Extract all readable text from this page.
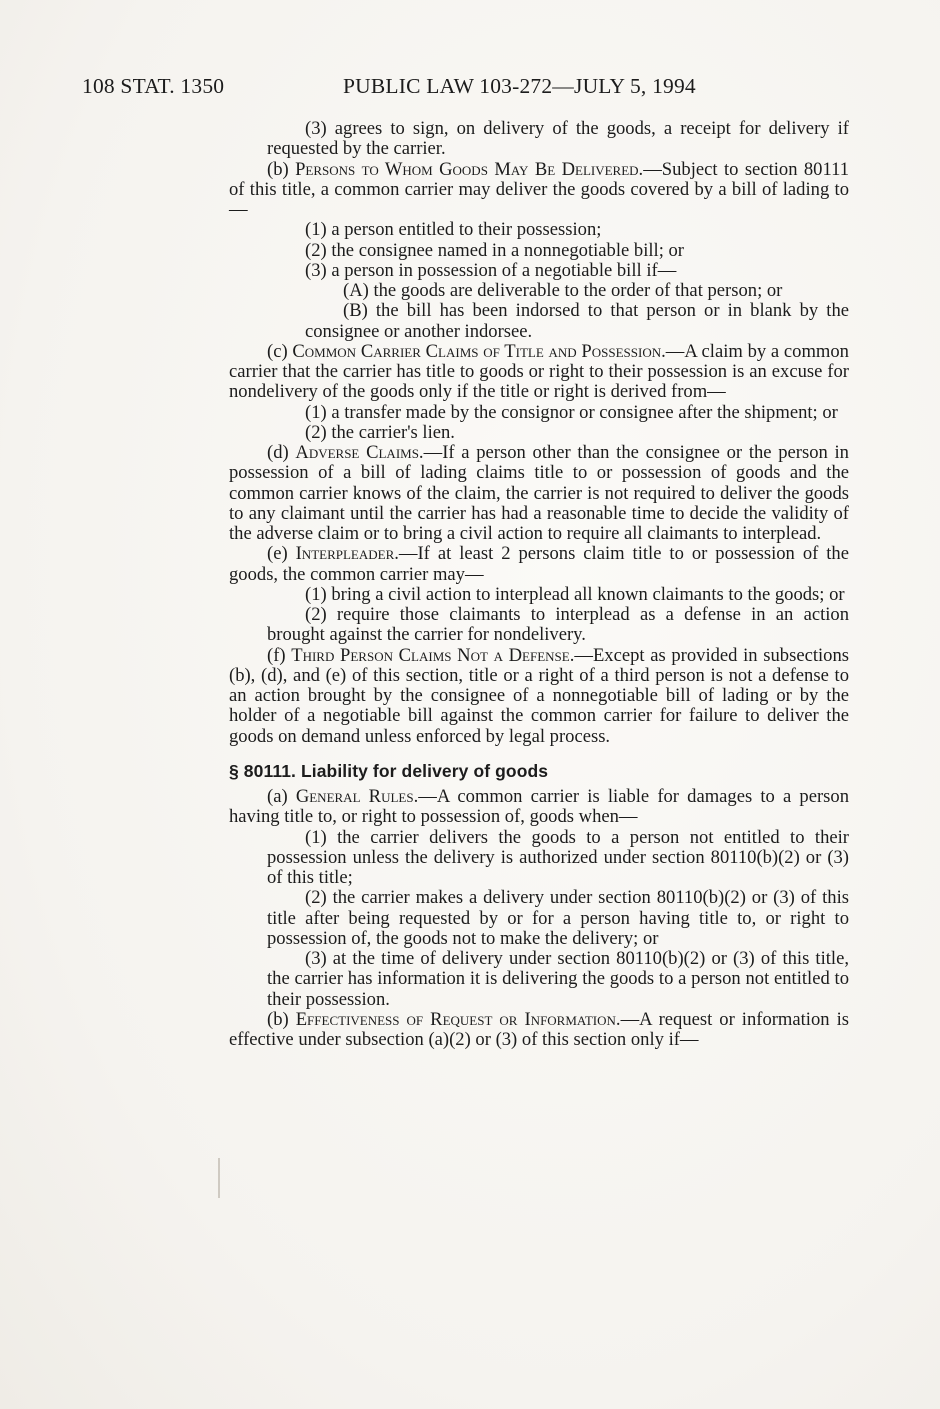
108 STAT. 1350	PUBLIC LAW 103-272—JULY 5, 1994

(3) agrees to sign, on delivery of the goods, a receipt for delivery if requested by the carrier.

(b) Persons to Whom Goods May Be Delivered.—Subject to section 80111 of this title, a common carrier may deliver the goods covered by a bill of lading to—

(1) a person entitled to their possession;

(2) the consignee named in a nonnegotiable bill; or

(3) a person in possession of a negotiable bill if—

(A) the goods are deliverable to the order of that person; or

(B) the bill has been indorsed to that person or in blank by the consignee or another indorsee.

(c) Common Carrier Claims of Title and Possession.—A claim by a common carrier that the carrier has title to goods or right to their possession is an excuse for nondelivery of the goods only if the title or right is derived from—

(1) a transfer made by the consignor or consignee after the shipment; or

(2) the carrier's lien.

(d) Adverse Claims.—If a person other than the consignee or the person in possession of a bill of lading claims title to or possession of goods and the common carrier knows of the claim, the carrier is not required to deliver the goods to any claimant until the carrier has had a reasonable time to decide the validity of the adverse claim or to bring a civil action to require all claimants to interplead.

(e) Interpleader.—If at least 2 persons claim title to or possession of the goods, the common carrier may—

(1) bring a civil action to interplead all known claimants to the goods; or

(2) require those claimants to interplead as a defense in an action brought against the carrier for nondelivery.

(f) Third Person Claims Not a Defense.—Except as provided in subsections (b), (d), and (e) of this section, title or a right of a third person is not a defense to an action brought by the consignee of a nonnegotiable bill of lading or by the holder of a negotiable bill against the common carrier for failure to deliver the goods on demand unless enforced by legal process.

§ 80111. Liability for delivery of goods

(a) General Rules.—A common carrier is liable for damages to a person having title to, or right to possession of, goods when—

(1) the carrier delivers the goods to a person not entitled to their possession unless the delivery is authorized under section 80110(b)(2) or (3) of this title;

(2) the carrier makes a delivery under section 80110(b)(2) or (3) of this title after being requested by or for a person having title to, or right to possession of, the goods not to make the delivery; or

(3) at the time of delivery under section 80110(b)(2) or (3) of this title, the carrier has information it is delivering the goods to a person not entitled to their possession.

(b) Effectiveness of Request or Information.—A request or information is effective under subsection (a)(2) or (3) of this section only if—
